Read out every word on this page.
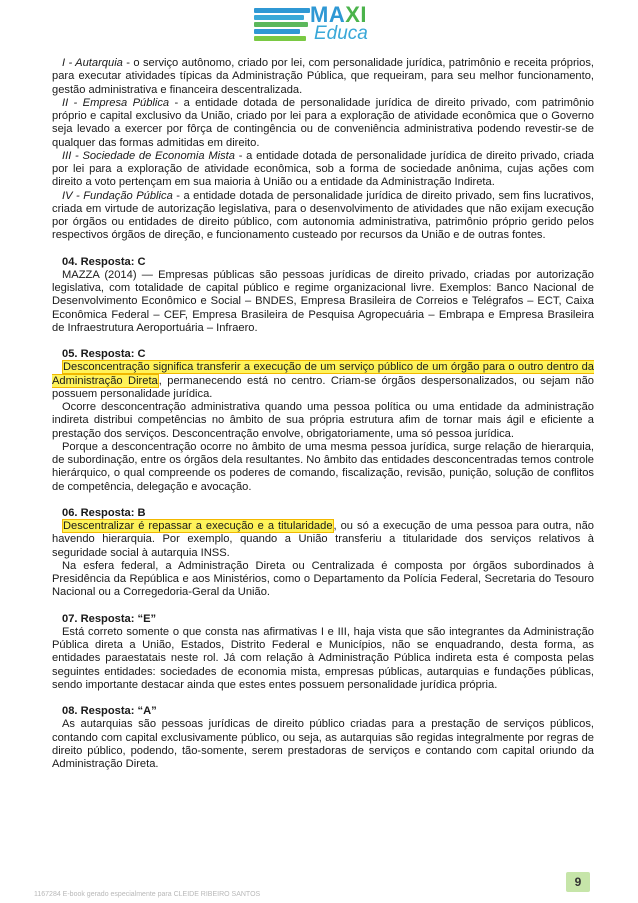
MAXI
Educa

I - Autarquia - o serviço autônomo, criado por lei, com personalidade jurídica, patrimônio e receita próprios, para executar atividades típicas da Administração Pública, que requeiram, para seu melhor funcionamento, gestão administrativa e financeira descentralizada.

II - Empresa Pública - a entidade dotada de personalidade jurídica de direito privado, com patrimônio próprio e capital exclusivo da União, criado por lei para a exploração de atividade econômica que o Governo seja levado a exercer por fôrça de contingência ou de conveniência administrativa podendo revestir-se de qualquer das formas admitidas em direito.

III - Sociedade de Economia Mista - a entidade dotada de personalidade jurídica de direito privado, criada por lei para a exploração de atividade econômica, sob a forma de sociedade anônima, cujas ações com direito a voto pertençam em sua maioria à União ou a entidade da Administração Indireta.

IV - Fundação Pública - a entidade dotada de personalidade jurídica de direito privado, sem fins lucrativos, criada em virtude de autorização legislativa, para o desenvolvimento de atividades que não exijam execução por órgãos ou entidades de direito público, com autonomia administrativa, patrimônio próprio gerido pelos respectivos órgãos de direção, e funcionamento custeado por recursos da União e de outras fontes.

04. Resposta: C

MAZZA (2014) — Empresas públicas são pessoas jurídicas de direito privado, criadas por autorização legislativa, com totalidade de capital público e regime organizacional livre. Exemplos: Banco Nacional de Desenvolvimento Econômico e Social – BNDES, Empresa Brasileira de Correios e Telégrafos – ECT, Caixa Econômica Federal – CEF, Empresa Brasileira de Pesquisa Agropecuária – Embrapa e Empresa Brasileira de Infraestrutura Aeroportuária – Infraero.

05. Resposta: C

Desconcentração significa transferir a execução de um serviço público de um órgão para o outro dentro da Administração Direta, permanecendo está no centro. Criam-se órgãos despersonalizados, ou sejam não possuem personalidade jurídica.

Ocorre desconcentração administrativa quando uma pessoa política ou uma entidade da administração indireta distribui competências no âmbito de sua própria estrutura afim de tornar mais ágil e eficiente a prestação dos serviços. Desconcentração envolve, obrigatoriamente, uma só pessoa jurídica.

Porque a desconcentração ocorre no âmbito de uma mesma pessoa jurídica, surge relação de hierarquia, de subordinação, entre os órgãos dela resultantes. No âmbito das entidades desconcentradas temos controle hierárquico, o qual compreende os poderes de comando, fiscalização, revisão, punição, solução de conflitos de competência, delegação e avocação.

06. Resposta: B

Descentralizar é repassar a execução e a titularidade, ou só a execução de uma pessoa para outra, não havendo hierarquia. Por exemplo, quando a União transferiu a titularidade dos serviços relativos à seguridade social à autarquia INSS.

Na esfera federal, a Administração Direta ou Centralizada é composta por órgãos subordinados à Presidência da República e aos Ministérios, como o Departamento da Polícia Federal, Secretaria do Tesouro Nacional ou a Corregedoria-Geral da União.

07. Resposta: “E”

Está correto somente o que consta nas afirmativas I e III, haja vista que são integrantes da Administração Pública direta a União, Estados, Distrito Federal e Municípios, não se enquadrando, desta forma, as entidades paraestatais neste rol. Já com relação à Administração Pública indireta esta é composta pelas seguintes entidades: sociedades de economia mista, empresas públicas, autarquias e fundações públicas, sendo importante destacar ainda que estes entes possuem personalidade jurídica própria.

08. Resposta: “A”

As autarquias são pessoas jurídicas de direito público criadas para a prestação de serviços públicos, contando com capital exclusivamente público, ou seja, as autarquias são regidas integralmente por regras de direito público, podendo, tão-somente, serem prestadoras de serviços e contando com capital oriundo da Administração Direta.

9
1167284 E-book gerado especialmente para CLEIDE RIBEIRO SANTOS
